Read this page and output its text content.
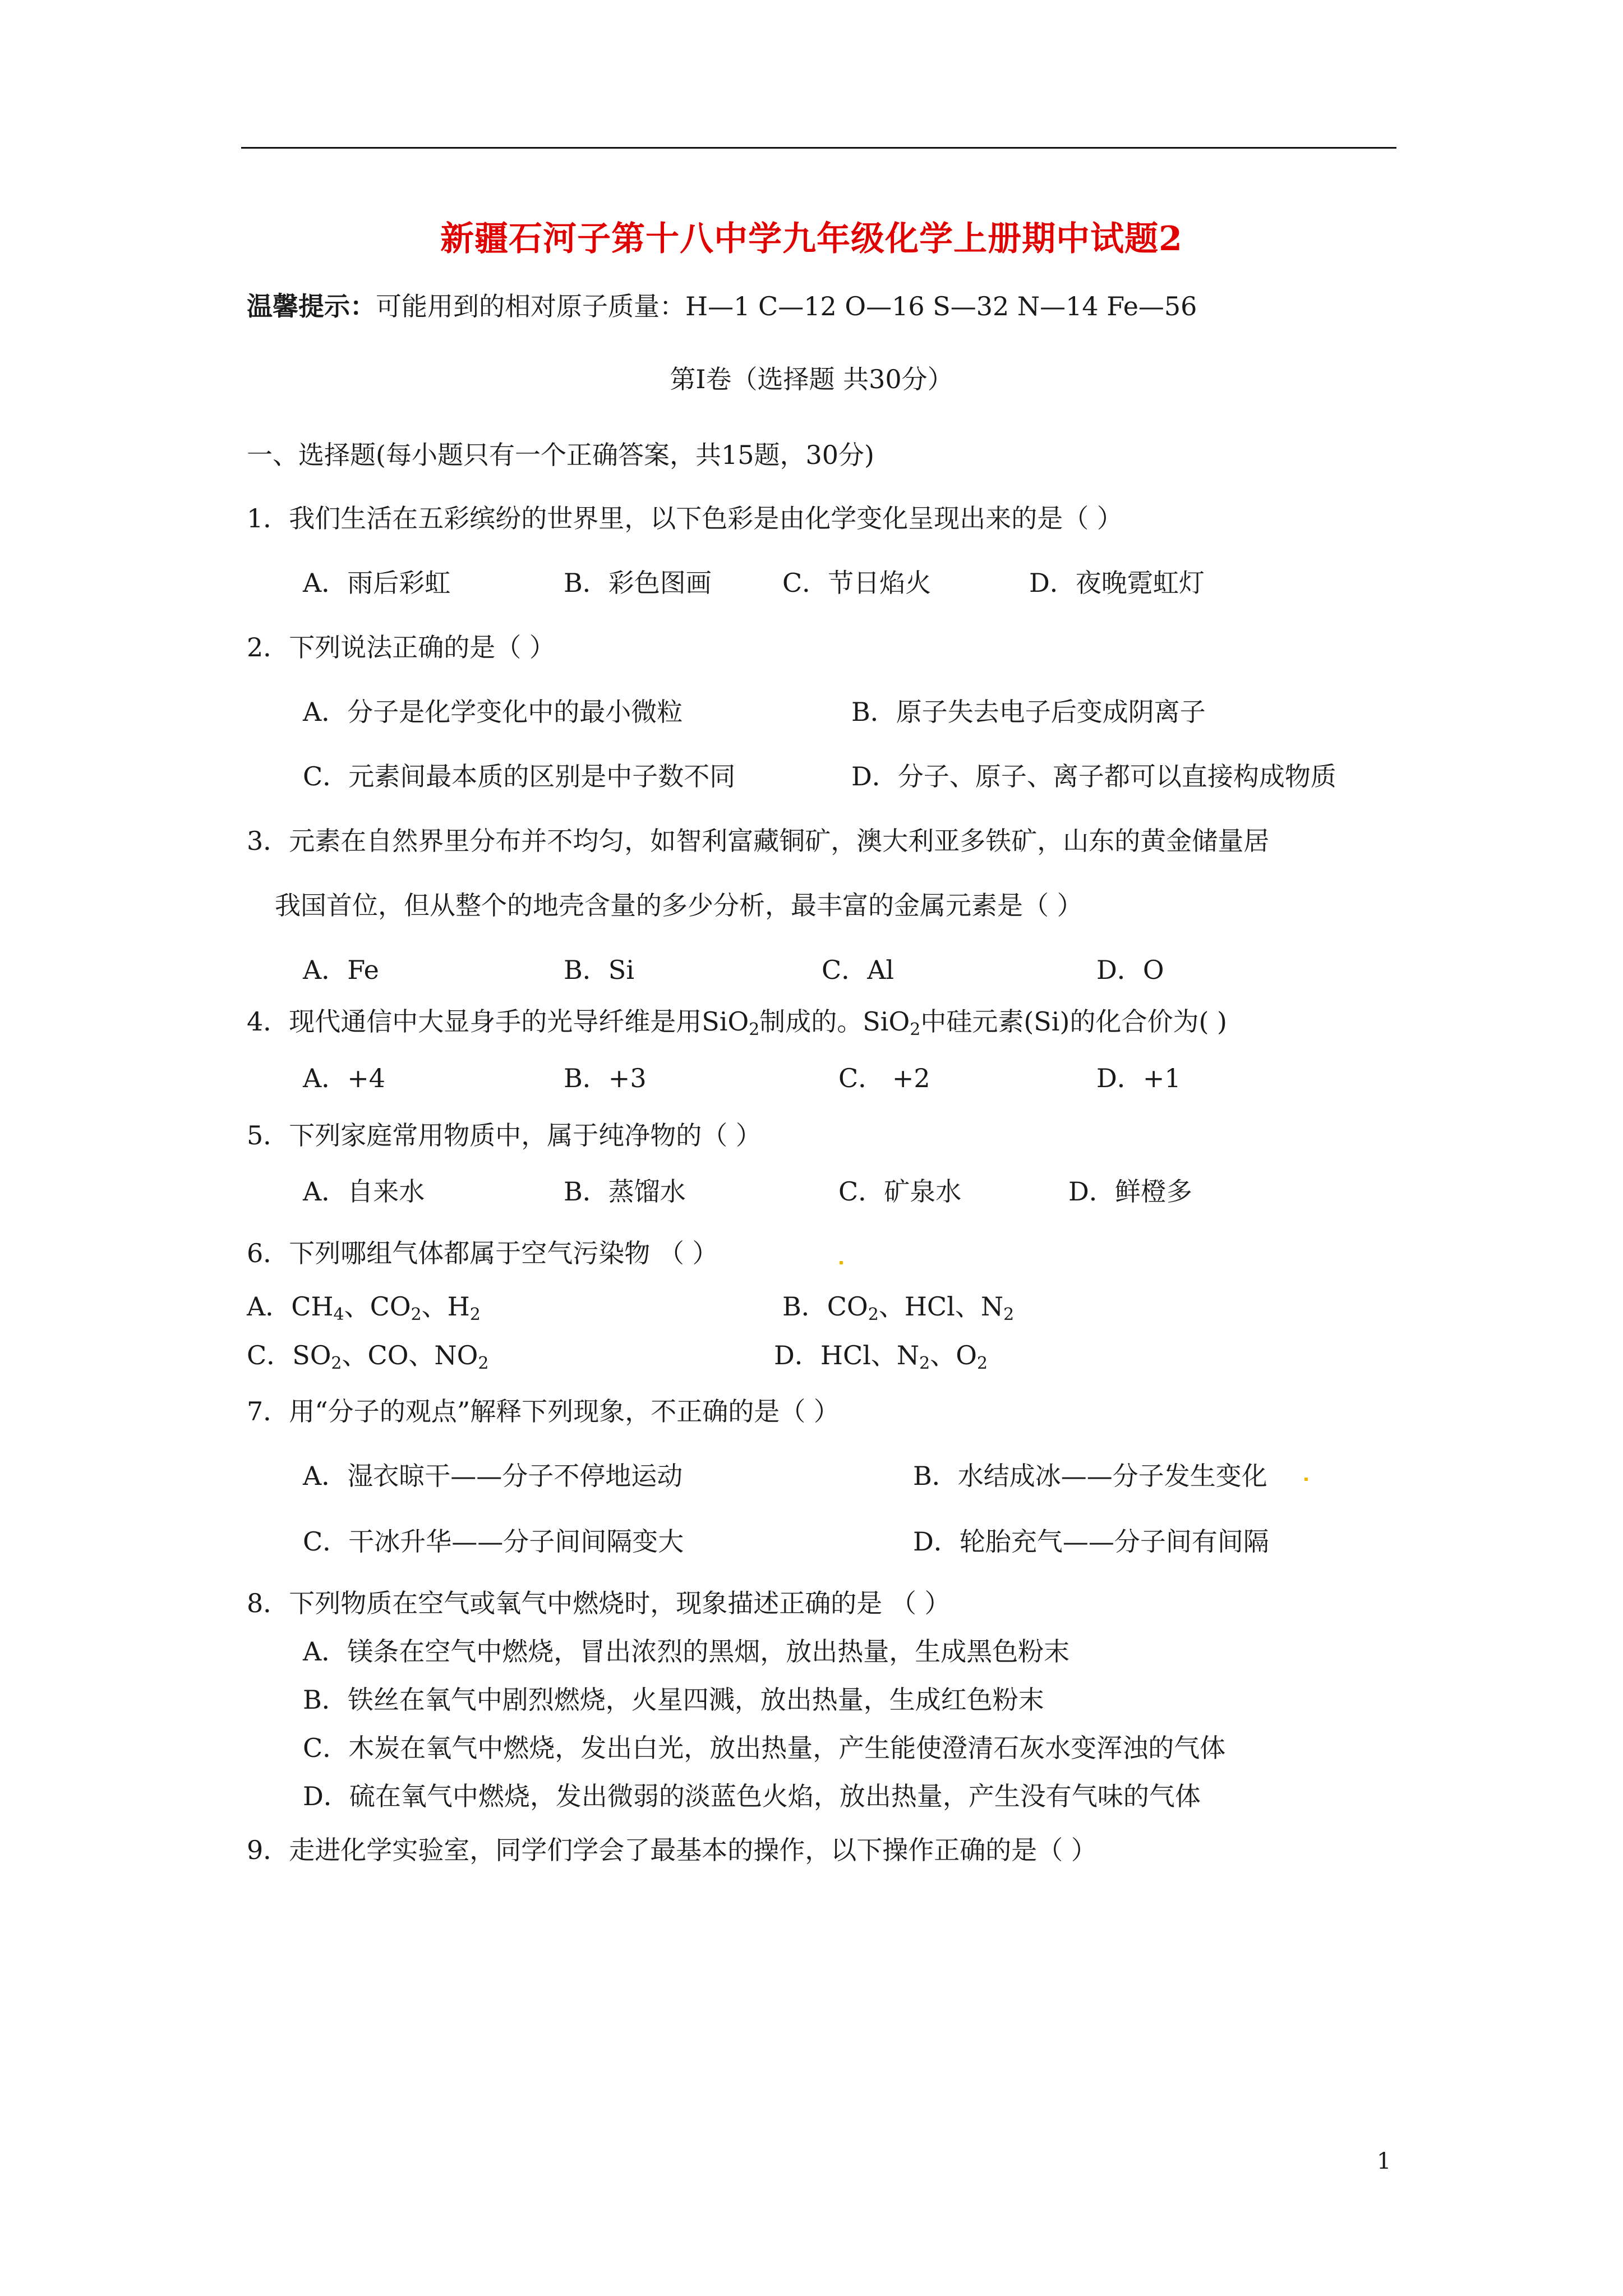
新疆石河子第十八中学九年级化学上册期中试题2
温馨提示：可能用到的相对原子质量：H—1 C—12 O—16 S—32 N—14 Fe—56
第Ⅰ卷（选择题 共30分）
一、选择题(每小题只有一个正确答案，共15题，30分)
1．我们生活在五彩缤纷的世界里，以下色彩是由化学变化呈现出来的是（ ）
A．雨后彩虹	B．彩色图画	C．节日焰火	D．夜晚霓虹灯
2．下列说法正确的是（ ）
A．分子是化学变化中的最小微粒	B．原子失去电子后变成阴离子
C．元素间最本质的区别是中子数不同	D．分子、原子、离子都可以直接构成物质
3．元素在自然界里分布并不均匀，如智利富藏铜矿，澳大利亚多铁矿，山东的黄金储量居
我国首位，但从整个的地壳含量的多少分析，最丰富的金属元素是（ ）
A．Fe	B．Si	C．Al	D．O
4．现代通信中大显身手的光导纤维是用SiO$_2$制成的。SiO$_2$中硅元素(Si)的化合价为( )
A．+4	B．+3	C． +2	D．+1
5．下列家庭常用物质中，属于纯净物的（ ）
A．自来水	B．蒸馏水	C．矿泉水	D．鲜橙多
6．下列哪组气体都属于空气污染物 （ ）
A．$CH_4$、$CO_2$、$H_2$	B．$CO_2$、HCl、$N_2$
C．$SO_2$、CO、$NO_2$	D．HCl、$N_2$、$O_2$
7．用“分子的观点”解释下列现象，不正确的是（ ）
A．湿衣晾干——分子不停地运动	B．水结成冰——分子发生变化
C．干冰升华——分子间间隔变大	D．轮胎充气——分子间有间隔
8．下列物质在空气或氧气中燃烧时，现象描述正确的是 （ ）
A．镁条在空气中燃烧，冒出浓烈的黑烟，放出热量，生成黑色粉末
B．铁丝在氧气中剧烈燃烧，火星四溅，放出热量，生成红色粉末
C．木炭在氧气中燃烧，发出白光，放出热量，产生能使澄清石灰水变浑浊的气体
D．硫在氧气中燃烧，发出微弱的淡蓝色火焰，放出热量，产生没有气味的气体
9．走进化学实验室，同学们学会了最基本的操作，以下操作正确的是（ ）
1
